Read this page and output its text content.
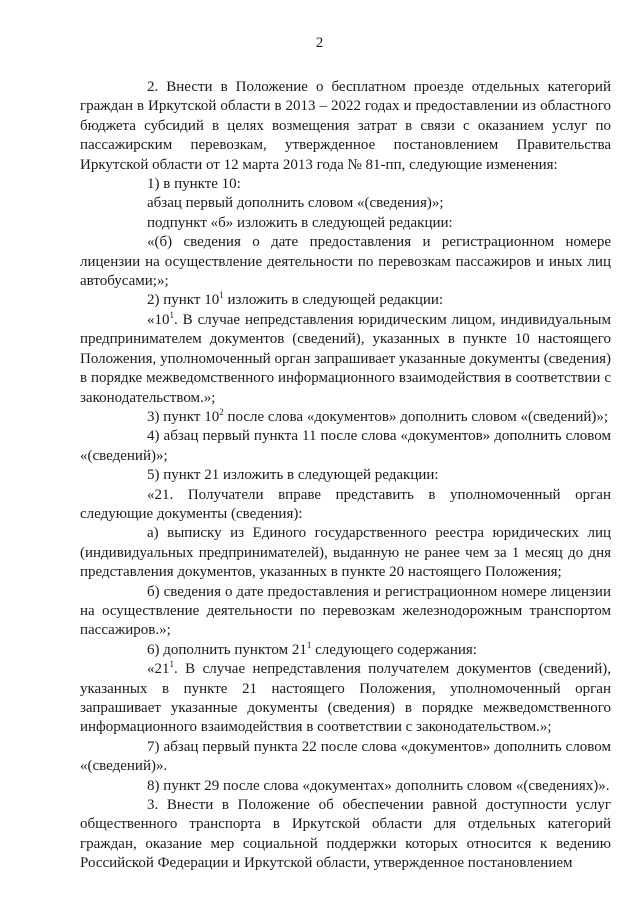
2

2. Внести в Положение о бесплатном проезде отдельных категорий граждан в Иркутской области в 2013 – 2022 годах и предоставлении из областного бюджета субсидий в целях возмещения затрат в связи с оказанием услуг по пассажирским перевозкам, утвержденное постановлением Правительства Иркутской области от 12 марта 2013 года № 81-пп, следующие изменения:

1) в пункте 10:

абзац первый дополнить словом «(сведения)»;

подпункт «б» изложить в следующей редакции:

«(б) сведения о дате предоставления и регистрационном номере лицензии на осуществление деятельности по перевозкам пассажиров и иных лиц автобусами;»;

2) пункт $10^1$ изложить в следующей редакции:

«$10^1$. В случае непредставления юридическим лицом, индивидуальным предпринимателем документов (сведений), указанных в пункте 10 настоящего Положения, уполномоченный орган запрашивает указанные документы (сведения) в порядке межведомственного информационного взаимодействия в соответствии с законодательством.»;

3) пункт $10^2$ после слова «документов» дополнить словом «(сведений)»;

4) абзац первый пункта 11 после слова «документов» дополнить словом «(сведений)»;

5) пункт 21 изложить в следующей редакции:

«21. Получатели вправе представить в уполномоченный орган следующие документы (сведения):

а) выписку из Единого государственного реестра юридических лиц (индивидуальных предпринимателей), выданную не ранее чем за 1 месяц до дня представления документов, указанных в пункте 20 настоящего Положения;

б) сведения о дате предоставления и регистрационном номере лицензии на осуществление деятельности по перевозкам железнодорожным транспортом пассажиров.»;

6) дополнить пунктом $21^1$ следующего содержания:

«$21^1$. В случае непредставления получателем документов (сведений), указанных в пункте 21 настоящего Положения, уполномоченный орган запрашивает указанные документы (сведения) в порядке межведомственного информационного взаимодействия в соответствии с законодательством.»;

7) абзац первый пункта 22 после слова «документов» дополнить словом «(сведений)».

8) пункт 29 после слова «документах» дополнить словом «(сведениях)».

3. Внести в Положение об обеспечении равной доступности услуг общественного транспорта в Иркутской области для отдельных категорий граждан, оказание мер социальной поддержки которых относится к ведению Российской Федерации и Иркутской области, утвержденное постановлением
